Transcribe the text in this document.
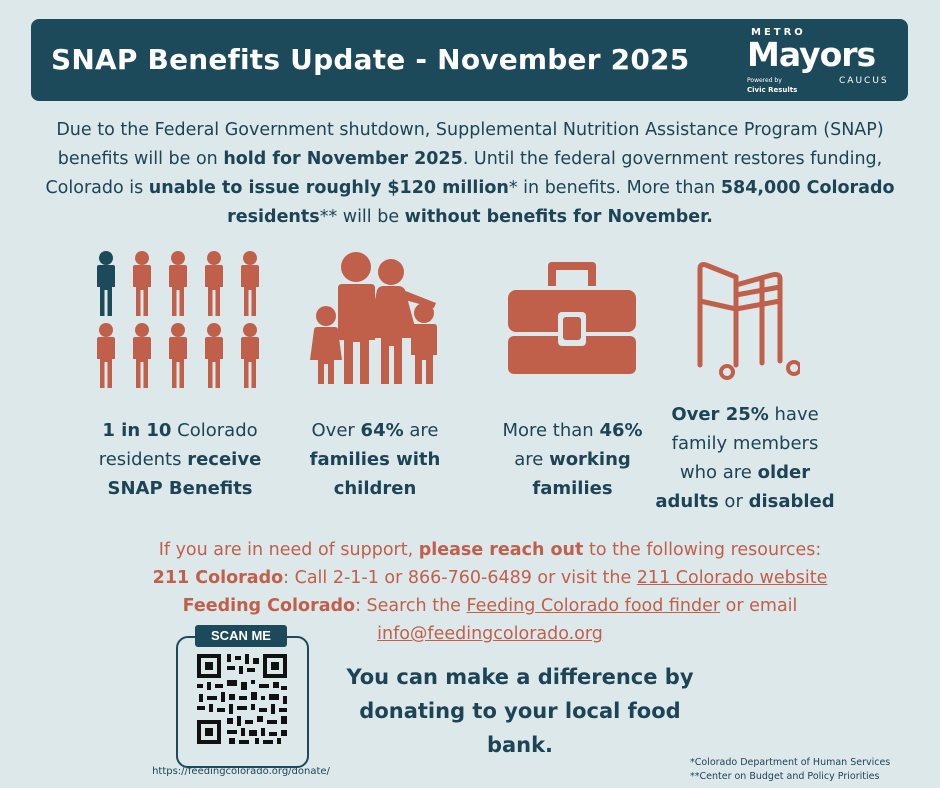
SNAP Benefits Update - November 2025
METRO
Mayors
CAUCUS
Powered by
Civic Results
Due to the Federal Government shutdown, Supplemental Nutrition Assistance Program (SNAP) benefits will be on hold for November 2025. Until the federal government restores funding, Colorado is unable to issue roughly $120 million* in benefits. More than 584,000 Colorado residents** will be without benefits for November.
1 in 10 Colorado residents receive SNAP Benefits
Over 64% are families with children
More than 46% are working families
Over 25% have family members who are older adults or disabled
If you are in need of support, please reach out to the following resources:
211 Colorado: Call 2-1-1 or 866-760-6489 or visit the 211 Colorado website
Feeding Colorado: Search the Feeding Colorado food finder or email
info@feedingcolorado.org
SCAN ME
https://feedingcolorado.org/donate/
You can make a difference by donating to your local food bank.
*Colorado Department of Human Services
**Center on Budget and Policy Priorities
